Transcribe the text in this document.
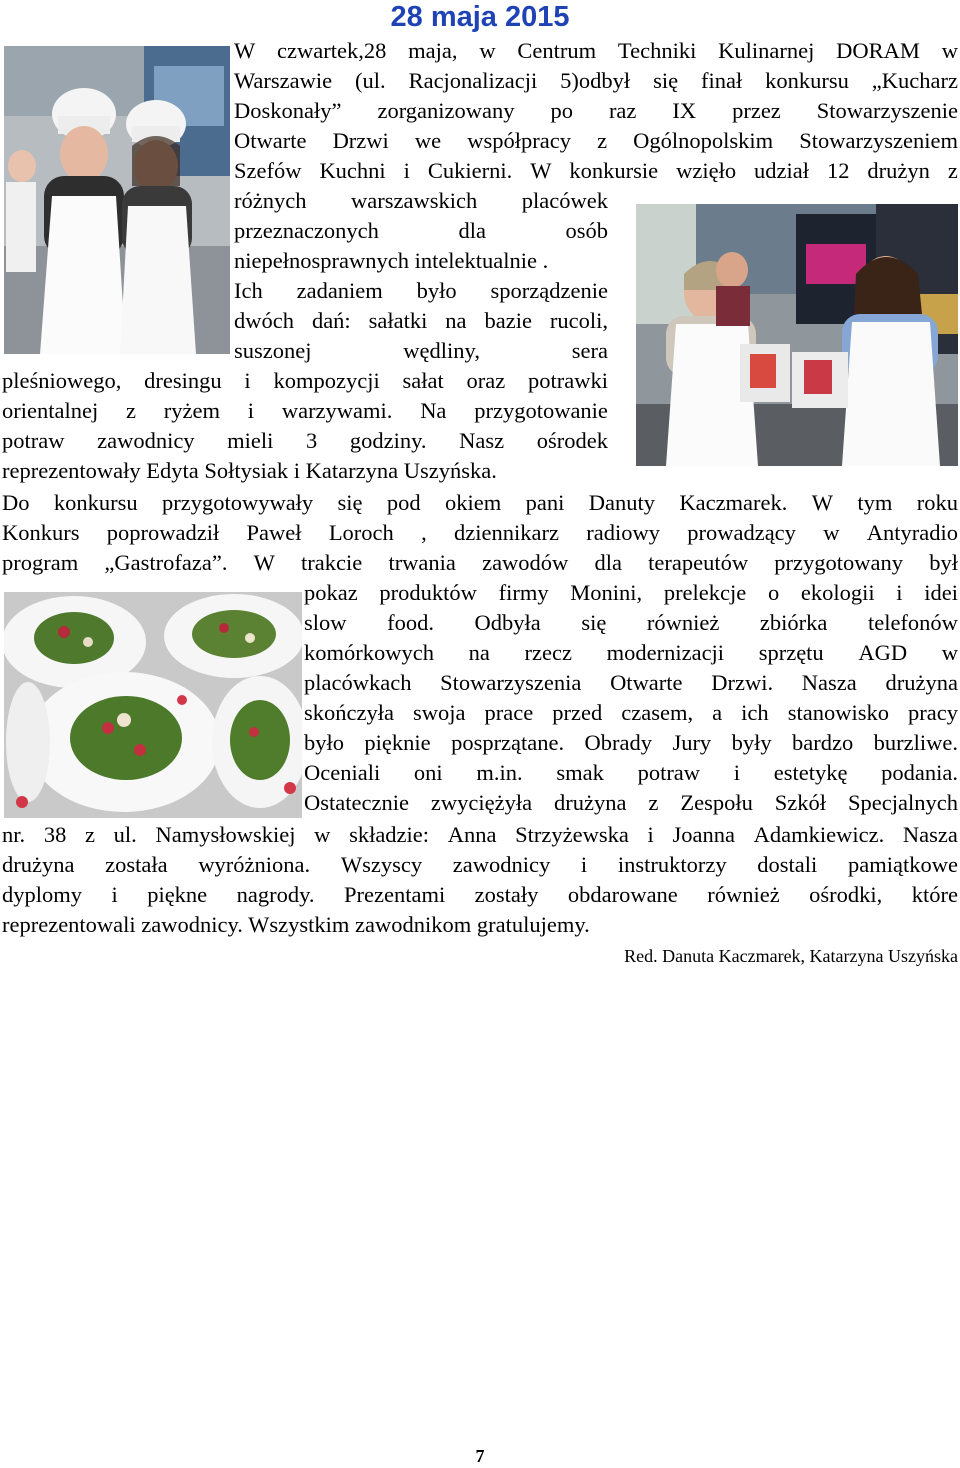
28 maja 2015
W czwartek,28 maja, w Centrum Techniki Kulinarnej DORAM w
Warszawie (ul. Racjonalizacji 5)odbył się finał konkursu „Kucharz
Doskonały” zorganizowany po raz IX przez Stowarzyszenie
Otwarte Drzwi we współpracy z Ogólnopolskim Stowarzyszeniem
Szefów Kuchni i Cukierni. W konkursie wzięło udział 12 drużyn z
różnych warszawskich placówek
przeznaczonych	dla	osób
niepełnosprawnych intelektualnie .
Ich zadaniem było sporządzenie
dwóch dań: sałatki na bazie rucoli,
suszonej	wędliny,	sera
pleśniowego, dresingu i kompozycji sałat oraz potrawki
orientalnej z ryżem i warzywami. Na przygotowanie
potraw zawodnicy mieli 3 godziny. Nasz ośrodek
reprezentowały Edyta Sołtysiak i Katarzyna Uszyńska.
Do konkursu przygotowywały się pod okiem pani Danuty Kaczmarek. W tym roku
Konkurs poprowadził Paweł Loroch , dziennikarz radiowy prowadzący w Antyradio
program „Gastrofaza”. W trakcie trwania zawodów dla terapeutów przygotowany był
pokaz produktów firmy Monini, prelekcje o ekologii i idei
slow food. Odbyła się również zbiórka telefonów
komórkowych na rzecz modernizacji sprzętu AGD w
placówkach Stowarzyszenia Otwarte Drzwi. Nasza drużyna
skończyła swoja prace przed czasem, a ich stanowisko pracy
było pięknie posprzątane. Obrady Jury były bardzo burzliwe.
Oceniali oni m.in. smak potraw i estetykę podania.
Ostatecznie zwyciężyła drużyna z Zespołu Szkół Specjalnych
nr. 38 z ul. Namysłowskiej w składzie: Anna Strzyżewska i Joanna Adamkiewicz. Nasza
drużyna została wyróżniona. Wszyscy zawodnicy i instruktorzy dostali pamiątkowe
dyplomy i piękne nagrody. Prezentami zostały obdarowane również ośrodki, które
reprezentowali zawodnicy. Wszystkim zawodnikom gratulujemy.
Red. Danuta Kaczmarek, Katarzyna Uszyńska
7
